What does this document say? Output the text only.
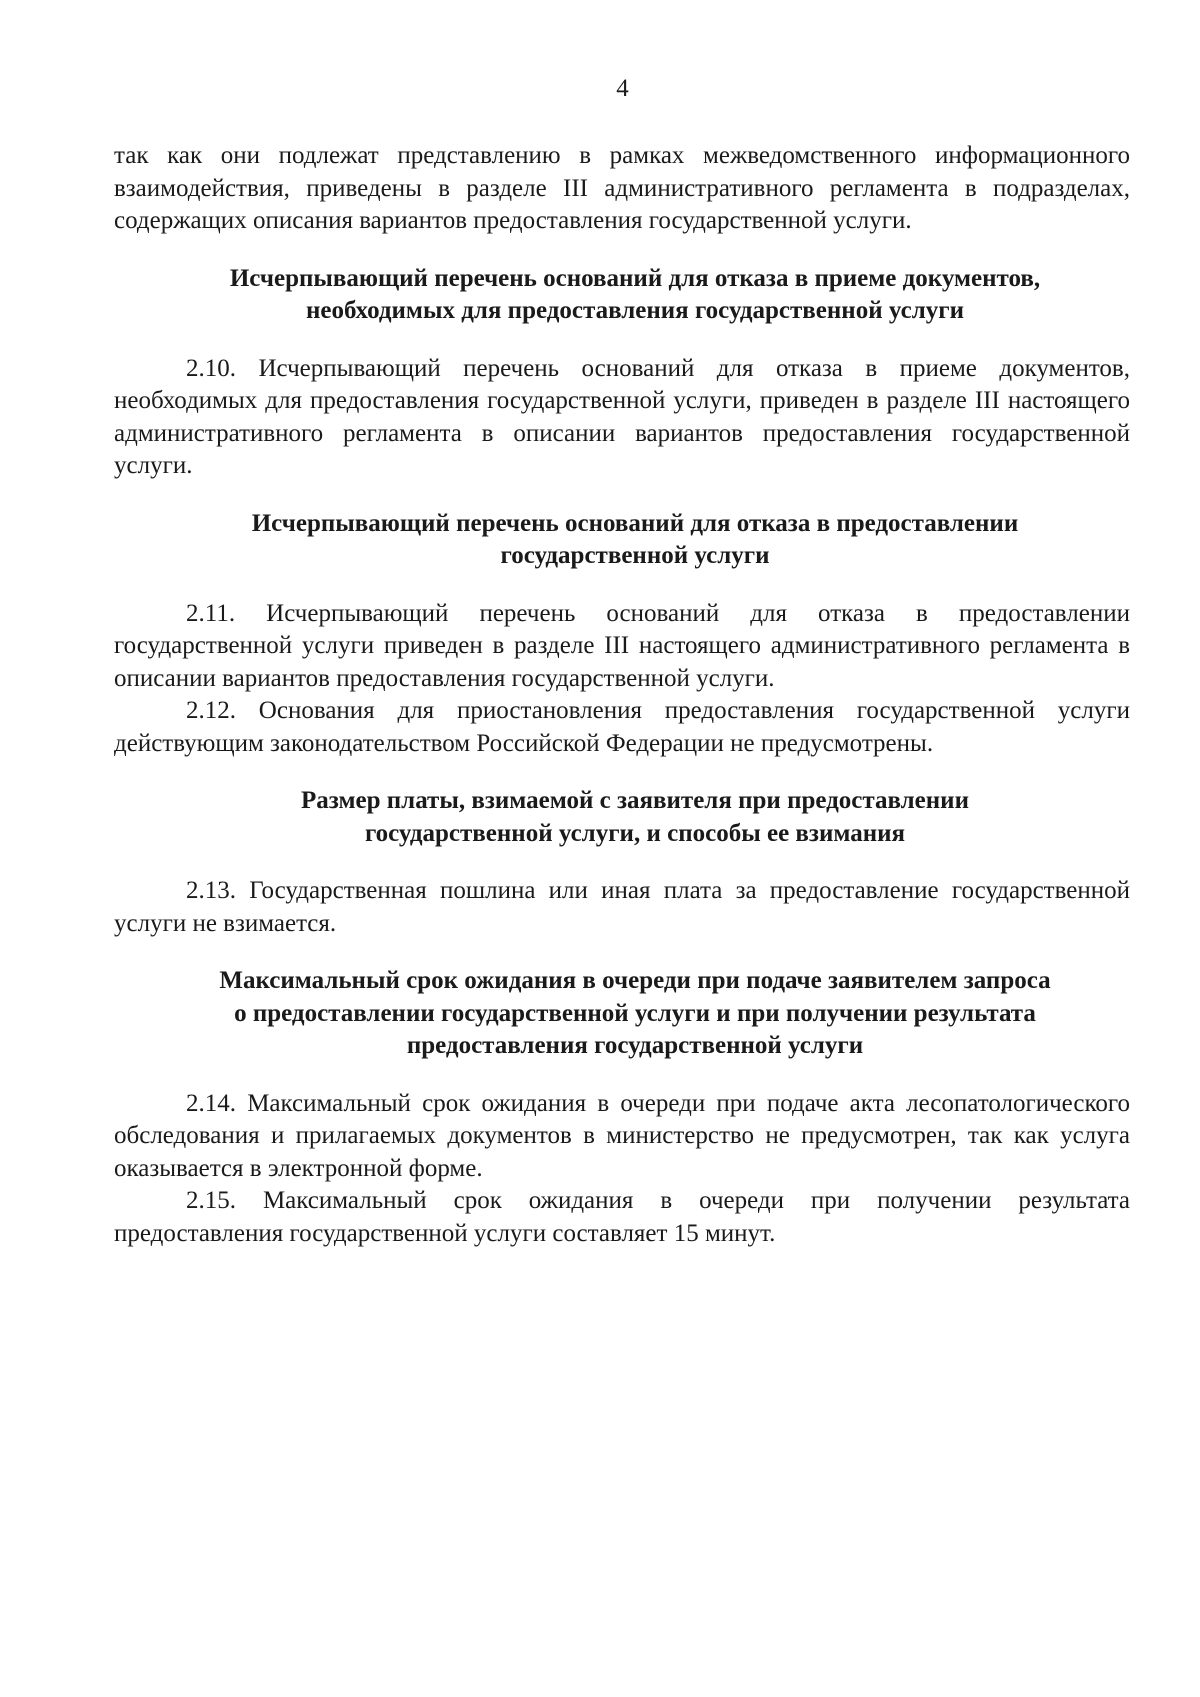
4

так как они подлежат представлению в рамках межведомственного информационного взаимодействия, приведены в разделе III административного регламента в подразделах, содержащих описания вариантов предоставления государственной услуги.

Исчерпывающий перечень оснований для отказа в приеме документов,
необходимых для предоставления государственной услуги

2.10. Исчерпывающий перечень оснований для отказа в приеме документов, необходимых для предоставления государственной услуги, приведен в разделе III настоящего административного регламента в описании вариантов предоставления государственной услуги.

Исчерпывающий перечень оснований для отказа в предоставлении
государственной услуги

2.11. Исчерпывающий перечень оснований для отказа в предоставлении государственной услуги приведен в разделе III настоящего административного регламента в описании вариантов предоставления государственной услуги.

2.12. Основания для приостановления предоставления государственной услуги действующим законодательством Российской Федерации не предусмотрены.

Размер платы, взимаемой с заявителя при предоставлении
государственной услуги, и способы ее взимания

2.13. Государственная пошлина или иная плата за предоставление государственной услуги не взимается.

Максимальный срок ожидания в очереди при подаче заявителем запроса
о предоставлении государственной услуги и при получении результата
предоставления государственной услуги

2.14. Максимальный срок ожидания в очереди при подаче акта лесопатологического обследования и прилагаемых документов в министерство не предусмотрен, так как услуга оказывается в электронной форме.

2.15. Максимальный срок ожидания в очереди при получении результата предоставления государственной услуги составляет 15 минут.
